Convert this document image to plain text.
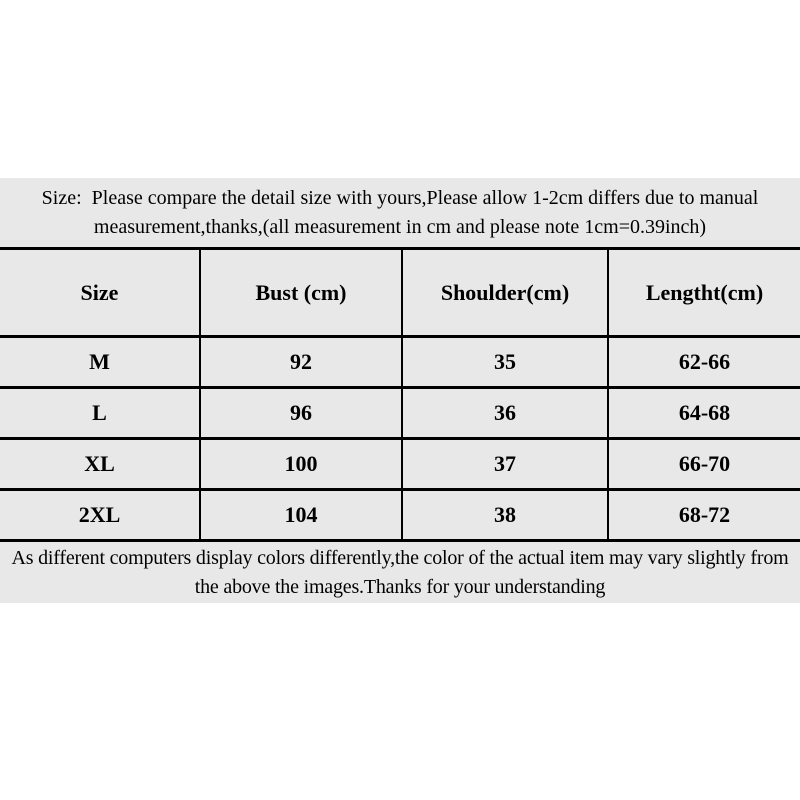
Size:  Please compare the detail size with yours,Please allow 1-2cm differs due to manual measurement,thanks,(all measurement in cm and please note 1cm=0.39inch)
Size	Bust (cm)	Shoulder(cm)	Lengtht(cm)
M	92	35	62-66
L	96	36	64-68
XL	100	37	66-70
2XL	104	38	68-72
As different computers display colors differently,the color of the actual item may vary slightly from the above the images.Thanks for your understanding
